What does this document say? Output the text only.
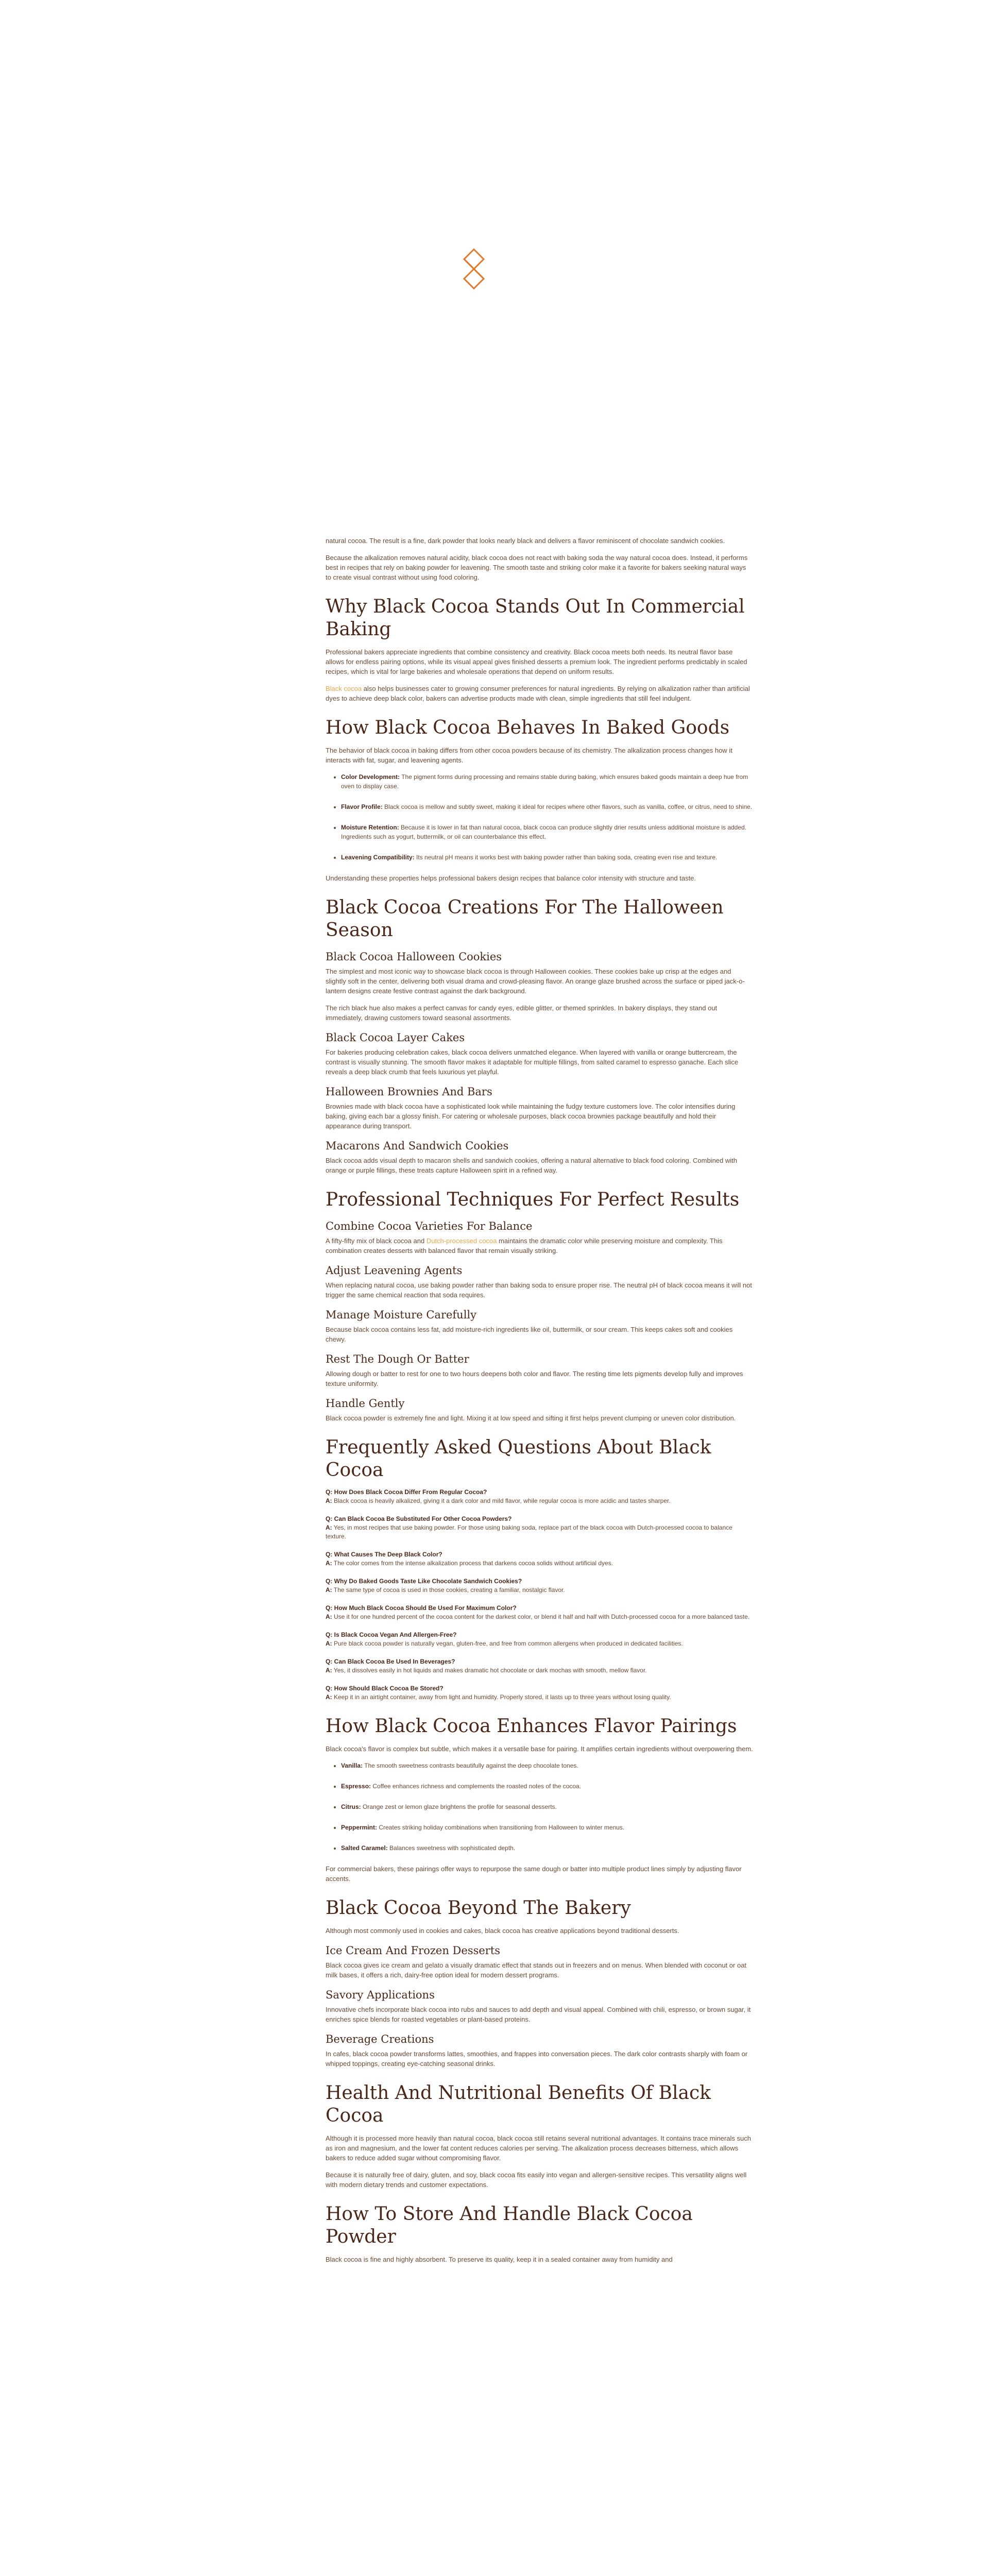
natural cocoa. The result is a fine, dark powder that looks nearly black and delivers a flavor reminiscent of chocolate sandwich cookies.

Because the alkalization removes natural acidity, black cocoa does not react with baking soda the way natural cocoa does. Instead, it performs best in recipes that rely on baking powder for leavening. The smooth taste and striking color make it a favorite for bakers seeking natural ways to create visual contrast without using food coloring.

Why Black Cocoa Stands Out In Commercial Baking

Professional bakers appreciate ingredients that combine consistency and creativity. Black cocoa meets both needs. Its neutral flavor base allows for endless pairing options, while its visual appeal gives finished desserts a premium look. The ingredient performs predictably in scaled recipes, which is vital for large bakeries and wholesale operations that depend on uniform results.

Black cocoa also helps businesses cater to growing consumer preferences for natural ingredients. By relying on alkalization rather than artificial dyes to achieve deep black color, bakers can advertise products made with clean, simple ingredients that still feel indulgent.

How Black Cocoa Behaves In Baked Goods

The behavior of black cocoa in baking differs from other cocoa powders because of its chemistry. The alkalization process changes how it interacts with fat, sugar, and leavening agents.

• Color Development: The pigment forms during processing and remains stable during baking, which ensures baked goods maintain a deep hue from oven to display case.
• Flavor Profile: Black cocoa is mellow and subtly sweet, making it ideal for recipes where other flavors, such as vanilla, coffee, or citrus, need to shine.
• Moisture Retention: Because it is lower in fat than natural cocoa, black cocoa can produce slightly drier results unless additional moisture is added. Ingredients such as yogurt, buttermilk, or oil can counterbalance this effect.
• Leavening Compatibility: Its neutral pH means it works best with baking powder rather than baking soda, creating even rise and texture.

Understanding these properties helps professional bakers design recipes that balance color intensity with structure and taste.

Black Cocoa Creations For The Halloween Season
Black Cocoa Halloween Cookies

The simplest and most iconic way to showcase black cocoa is through Halloween cookies. These cookies bake up crisp at the edges and slightly soft in the center, delivering both visual drama and crowd-pleasing flavor. An orange glaze brushed across the surface or piped jack-o-lantern designs create festive contrast against the dark background.

The rich black hue also makes a perfect canvas for candy eyes, edible glitter, or themed sprinkles. In bakery displays, they stand out immediately, drawing customers toward seasonal assortments.

Black Cocoa Layer Cakes

For bakeries producing celebration cakes, black cocoa delivers unmatched elegance. When layered with vanilla or orange buttercream, the contrast is visually stunning. The smooth flavor makes it adaptable for multiple fillings, from salted caramel to espresso ganache. Each slice reveals a deep black crumb that feels luxurious yet playful.

Halloween Brownies And Bars

Brownies made with black cocoa have a sophisticated look while maintaining the fudgy texture customers love. The color intensifies during baking, giving each bar a glossy finish. For catering or wholesale purposes, black cocoa brownies package beautifully and hold their appearance during transport.

Macarons And Sandwich Cookies

Black cocoa adds visual depth to macaron shells and sandwich cookies, offering a natural alternative to black food coloring. Combined with orange or purple fillings, these treats capture Halloween spirit in a refined way.

Professional Techniques For Perfect Results
Combine Cocoa Varieties For Balance

A fifty-fifty mix of black cocoa and Dutch-processed cocoa maintains the dramatic color while preserving moisture and complexity. This combination creates desserts with balanced flavor that remain visually striking.

Adjust Leavening Agents

When replacing natural cocoa, use baking powder rather than baking soda to ensure proper rise. The neutral pH of black cocoa means it will not trigger the same chemical reaction that soda requires.

Manage Moisture Carefully

Because black cocoa contains less fat, add moisture-rich ingredients like oil, buttermilk, or sour cream. This keeps cakes soft and cookies chewy.

Rest The Dough Or Batter

Allowing dough or batter to rest for one to two hours deepens both color and flavor. The resting time lets pigments develop fully and improves texture uniformity.

Handle Gently

Black cocoa powder is extremely fine and light. Mixing it at low speed and sifting it first helps prevent clumping or uneven color distribution.

Frequently Asked Questions About Black Cocoa
Q: How Does Black Cocoa Differ From Regular Cocoa?
A: Black cocoa is heavily alkalized, giving it a dark color and mild flavor, while regular cocoa is more acidic and tastes sharper.
Q: Can Black Cocoa Be Substituted For Other Cocoa Powders?
A: Yes, in most recipes that use baking powder. For those using baking soda, replace part of the black cocoa with Dutch-processed cocoa to balance texture.
Q: What Causes The Deep Black Color?
A: The color comes from the intense alkalization process that darkens cocoa solids without artificial dyes.
Q: Why Do Baked Goods Taste Like Chocolate Sandwich Cookies?
A: The same type of cocoa is used in those cookies, creating a familiar, nostalgic flavor.
Q: How Much Black Cocoa Should Be Used For Maximum Color?
A: Use it for one hundred percent of the cocoa content for the darkest color, or blend it half and half with Dutch-processed cocoa for a more balanced taste.
Q: Is Black Cocoa Vegan And Allergen-Free?
A: Pure black cocoa powder is naturally vegan, gluten-free, and free from common allergens when produced in dedicated facilities.
Q: Can Black Cocoa Be Used In Beverages?
A: Yes, it dissolves easily in hot liquids and makes dramatic hot chocolate or dark mochas with smooth, mellow flavor.
Q: How Should Black Cocoa Be Stored?
A: Keep it in an airtight container, away from light and humidity. Properly stored, it lasts up to three years without losing quality.
How Black Cocoa Enhances Flavor Pairings

Black cocoa's flavor is complex but subtle, which makes it a versatile base for pairing. It amplifies certain ingredients without overpowering them.

• Vanilla: The smooth sweetness contrasts beautifully against the deep chocolate tones.
• Espresso: Coffee enhances richness and complements the roasted notes of the cocoa.
• Citrus: Orange zest or lemon glaze brightens the profile for seasonal desserts.
• Peppermint: Creates striking holiday combinations when transitioning from Halloween to winter menus.
• Salted Caramel: Balances sweetness with sophisticated depth.

For commercial bakers, these pairings offer ways to repurpose the same dough or batter into multiple product lines simply by adjusting flavor accents.

Black Cocoa Beyond The Bakery

Although most commonly used in cookies and cakes, black cocoa has creative applications beyond traditional desserts.

Ice Cream And Frozen Desserts

Black cocoa gives ice cream and gelato a visually dramatic effect that stands out in freezers and on menus. When blended with coconut or oat milk bases, it offers a rich, dairy-free option ideal for modern dessert programs.

Savory Applications

Innovative chefs incorporate black cocoa into rubs and sauces to add depth and visual appeal. Combined with chili, espresso, or brown sugar, it enriches spice blends for roasted vegetables or plant-based proteins.

Beverage Creations

In cafes, black cocoa powder transforms lattes, smoothies, and frappes into conversation pieces. The dark color contrasts sharply with foam or whipped toppings, creating eye-catching seasonal drinks.

Health And Nutritional Benefits Of Black Cocoa

Although it is processed more heavily than natural cocoa, black cocoa still retains several nutritional advantages. It contains trace minerals such as iron and magnesium, and the lower fat content reduces calories per serving. The alkalization process decreases bitterness, which allows bakers to reduce added sugar without compromising flavor.

Because it is naturally free of dairy, gluten, and soy, black cocoa fits easily into vegan and allergen-sensitive recipes. This versatility aligns well with modern dietary trends and customer expectations.

How To Store And Handle Black Cocoa Powder

Black cocoa is fine and highly absorbent. To preserve its quality, keep it in a sealed container away from humidity and
